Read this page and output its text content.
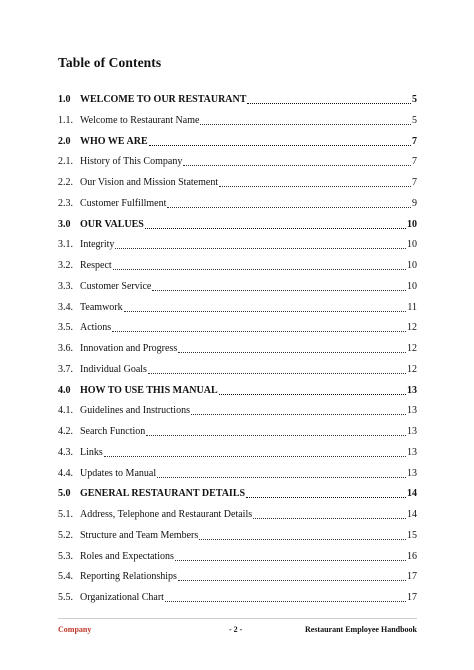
Table of Contents
1.0 WELCOME TO OUR RESTAURANT	5
1.1. Welcome to Restaurant Name	5
2.0 WHO WE ARE	7
2.1. History of This Company	7
2.2. Our Vision and Mission Statement	7
2.3. Customer Fulfillment	9
3.0 OUR VALUES	10
3.1. Integrity	10
3.2. Respect	10
3.3. Customer Service	10
3.4. Teamwork	11
3.5. Actions	12
3.6. Innovation and Progress	12
3.7. Individual Goals	12
4.0 HOW TO USE THIS MANUAL	13
4.1. Guidelines and Instructions	13
4.2. Search Function	13
4.3. Links	13
4.4. Updates to Manual	13
5.0 GENERAL RESTAURANT DETAILS	14
5.1. Address, Telephone and Restaurant Details	14
5.2. Structure and Team Members	15
5.3. Roles and Expectations	16
5.4. Reporting Relationships	17
5.5. Organizational Chart	17
Company	- 2 -	Restaurant Employee Handbook
